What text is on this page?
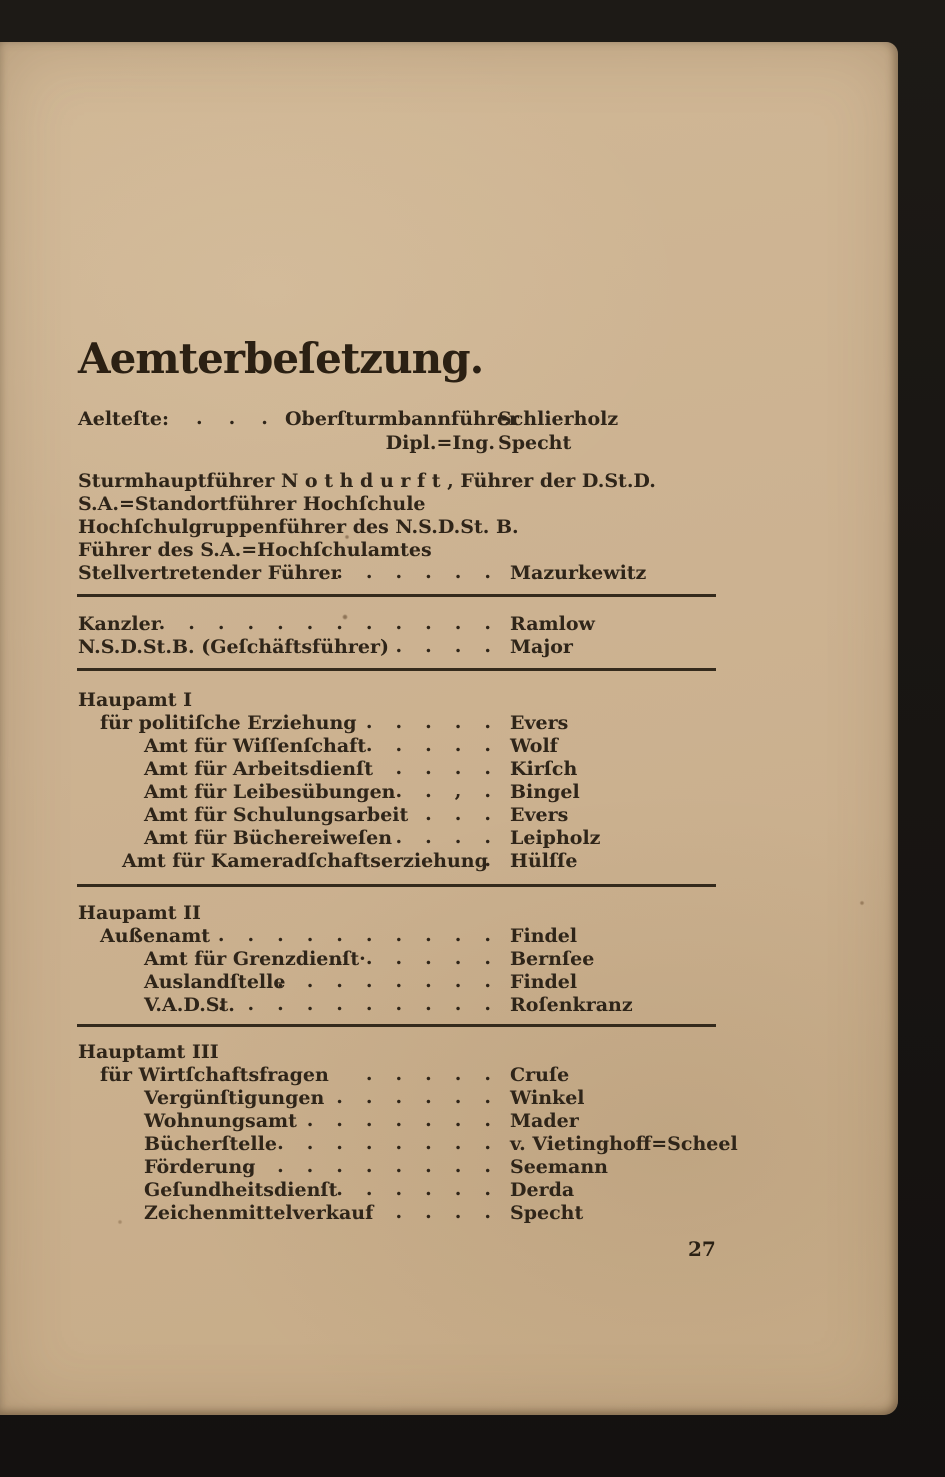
Aemterbeſetzung.
Aelteſte: ...
Oberſturmbannführer
Schlierholz
Dipl.=Ing. Specht
Stellvertretender Führer
......
Mazurkewitz
Sturmhauptführer N o t h d u r f t , Führer der D.St.D.
S.A.=Standortführer Hochſchule
Hochſchulgruppenführer des N.S.D.St. B.
Führer des S.A.=Hochſchulamtes
Kanzler
............
Ramlow
N.S.D.St.B. (Geſchäftsführer) ....
Major
Haupamt I
für politiſche Erziehung
......
Evers
Amt für Wiſſenſchaft .....
Wolf
Amt für Arbeitsdienſt	....
Kirſch
Amt für Leibesübungen ..,.
Bingel
Amt für Schulungsarbeit ...
Evers
Amt für Büchereiweſen ....
Leipholz
Amt für Kameradſchaftserziehung
.
Hülſſe
Haupamt II
Außenamt ..........
Findel
Amt für Grenzdienſt·
......
Bernſee
Auslandſtelle
........
Findel
V.A.D.St.
..........
Roſenkranz
Hauptamt III
für Wirtſchaftsfragen	.....
Cruſe
Vergünſtigungen ......
Winkel
Wohnungsamt .......
Mader
Bücherſtelle ........
v. Vietinghoff=Scheel
Förderung
.........
Seemann
Geſundheitsdienſt
......
Derda
Zeichenmittelverkauf
.....
Specht
27
